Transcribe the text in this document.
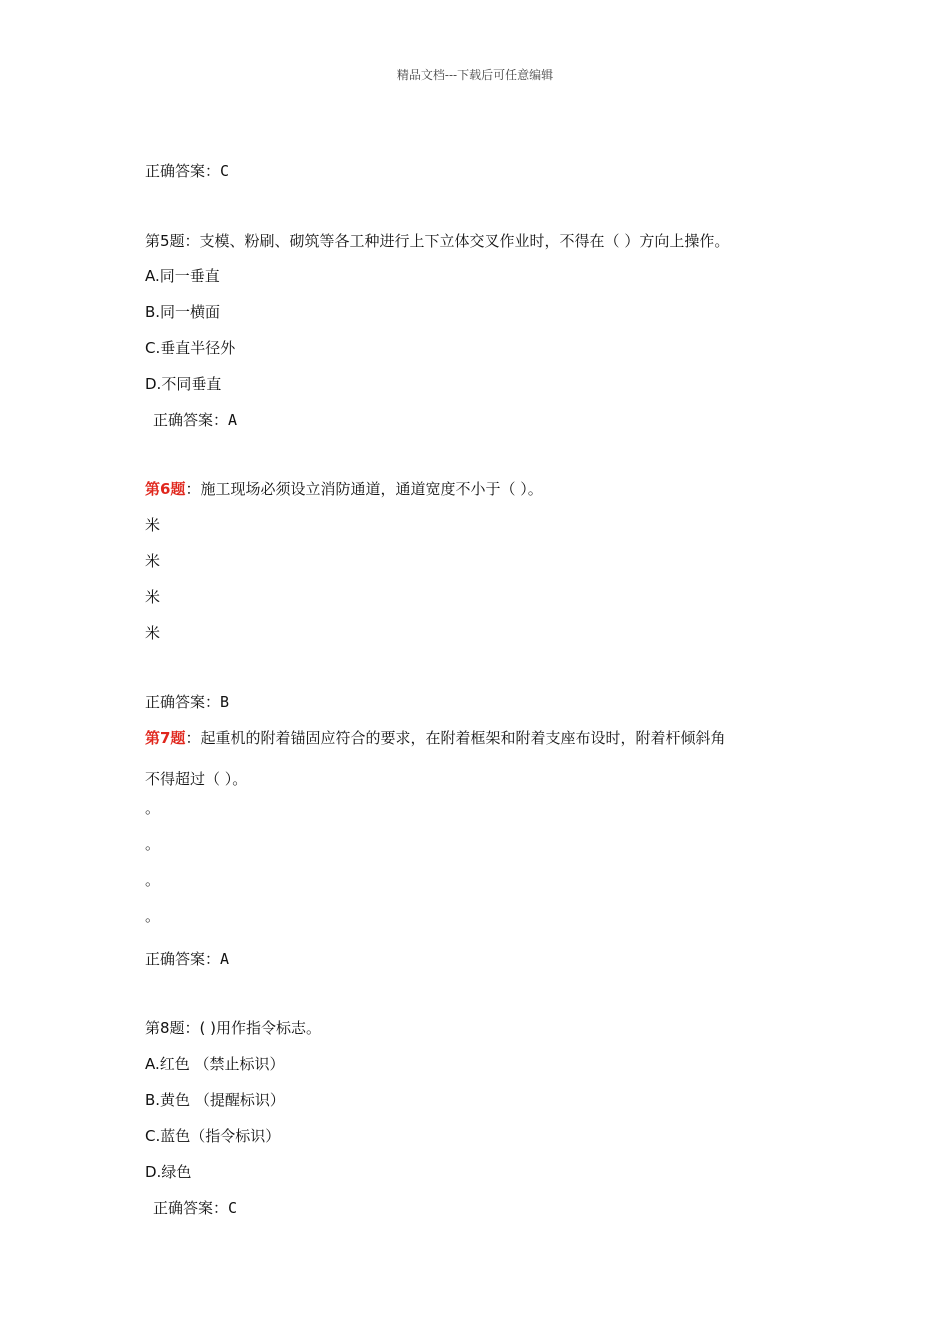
精品文档---下载后可任意编辑
正确答案：C
第5题：支模、粉刷、砌筑等各工种进行上下立体交叉作业时，不得在（ ）方向上操作。
A.同一垂直
B.同一横面
C.垂直半径外
D.不同垂直
正确答案：A
第6题：施工现场必须设立消防通道，通道宽度不小于（ ）。
米
米
米
米
正确答案：B
第7题：起重机的附着锚固应符合的要求，在附着框架和附着支座布设时，附着杆倾斜角
不得超过（ ）。
。
。
。
。
正确答案：A
第8题：( )用作指令标志。
A.红色 （禁止标识）
B.黄色 （提醒标识）
C.蓝色（指令标识）
D.绿色
正确答案：C
